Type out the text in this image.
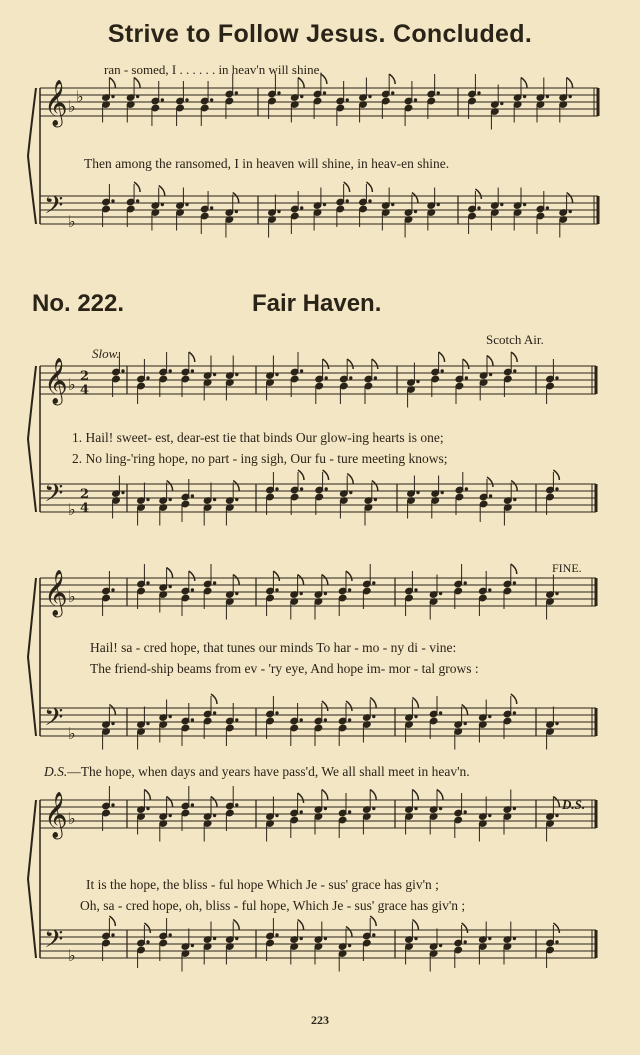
Strive to Follow Jesus. Concluded.
ran - somed, I . . . . . . in heav'n will shine.
Then among the ransomed, I in heaven will shine, in heav-en shine.
No. 222.	Fair Haven.
Scotch Air.
Slow.
1. Hail! sweet- est, dear-est tie that binds Our glow-ing hearts is one;
2. No ling-'ring hope, no part - ing sigh, Our fu - ture meeting knows;
FINE.
Hail! sa - cred hope, that tunes our minds To har - mo - ny di - vine:
The friend-ship beams from ev - 'ry eye, And hope im- mor - tal grows :
D.S.—The hope, when days and years have pass'd, We all shall meet in heav'n.
D.S.
It is the hope, the bliss - ful hope Which Je - sus' grace has giv'n ;
Oh, sa - cred hope, oh, bliss - ful hope, Which Je - sus' grace has giv'n ;
223
𝄞
𝄢
♭
♭
♭
𝄞
𝄢
♭
♭
2
4
2
4
𝄞
𝄢
♭
♭
𝄞
𝄢
♭
♭
